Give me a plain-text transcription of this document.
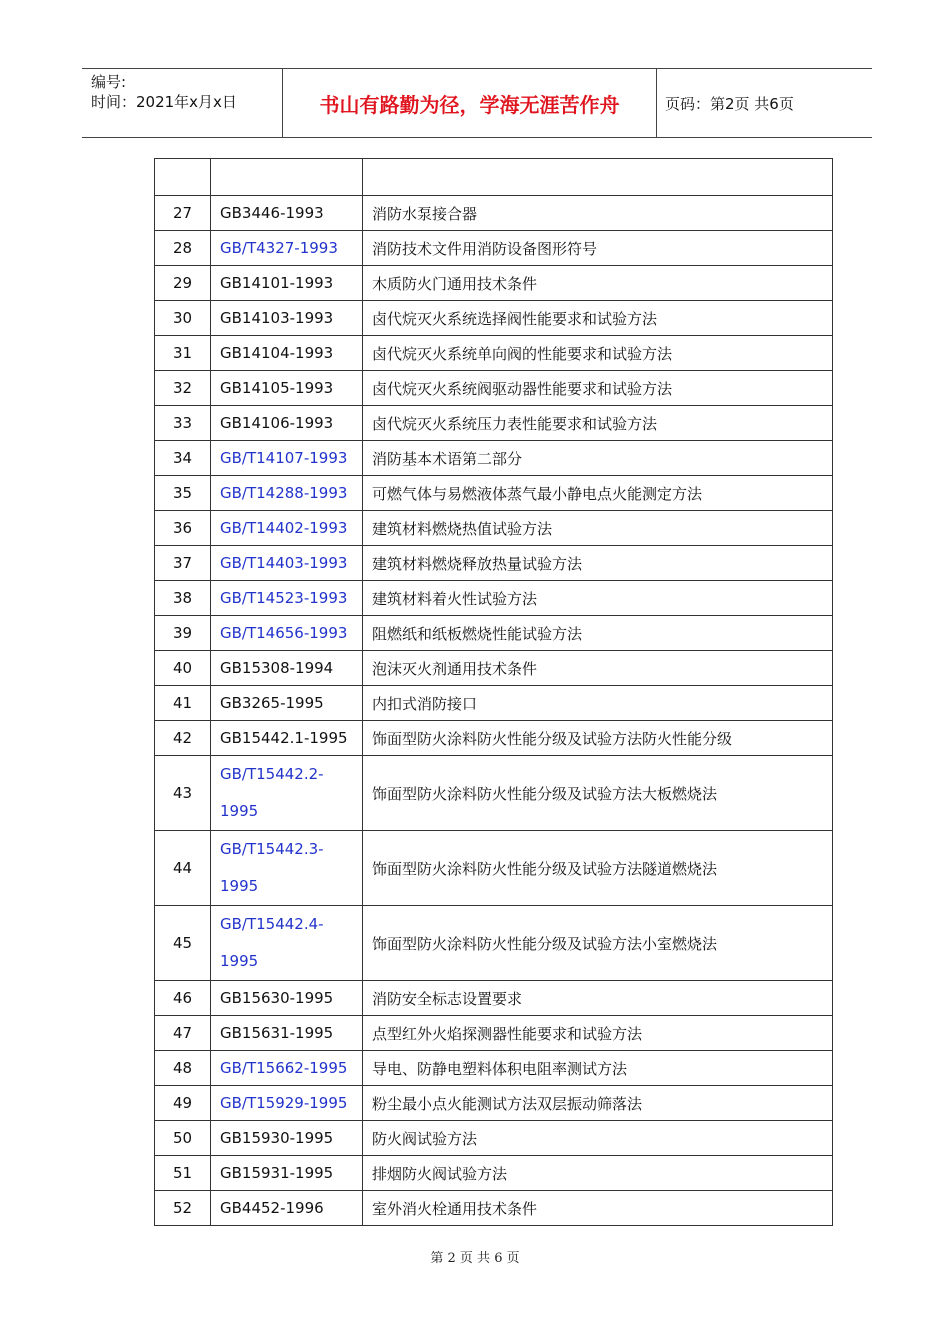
编号:
时间：2021年x月x日	书山有路勤为径，学海无涯苦作舟	页码：第2页 共6页

27	GB3446-1993	消防水泵接合器
28	GB/T4327-1993	消防技术文件用消防设备图形符号
29	GB14101-1993	木质防火门通用技术条件
30	GB14103-1993	卤代烷灭火系统选择阀性能要求和试验方法
31	GB14104-1993	卤代烷灭火系统单向阀的性能要求和试验方法
32	GB14105-1993	卤代烷灭火系统阀驱动器性能要求和试验方法
33	GB14106-1993	卤代烷灭火系统压力表性能要求和试验方法
34	GB/T14107-1993	消防基本术语第二部分
35	GB/T14288-1993	可燃气体与易燃液体蒸气最小静电点火能测定方法
36	GB/T14402-1993	建筑材料燃烧热值试验方法
37	GB/T14403-1993	建筑材料燃烧释放热量试验方法
38	GB/T14523-1993	建筑材料着火性试验方法
39	GB/T14656-1993	阻燃纸和纸板燃烧性能试验方法
40	GB15308-1994	泡沫灭火剂通用技术条件
41	GB3265-1995	内扣式消防接口
42	GB15442.1-1995	饰面型防火涂料防火性能分级及试验方法防火性能分级
43	GB/T15442.2-1995	饰面型防火涂料防火性能分级及试验方法大板燃烧法
44	GB/T15442.3-1995	饰面型防火涂料防火性能分级及试验方法隧道燃烧法
45	GB/T15442.4-1995	饰面型防火涂料防火性能分级及试验方法小室燃烧法
46	GB15630-1995	消防安全标志设置要求
47	GB15631-1995	点型红外火焰探测器性能要求和试验方法
48	GB/T15662-1995	导电、防静电塑料体积电阻率测试方法
49	GB/T15929-1995	粉尘最小点火能测试方法双层振动筛落法
50	GB15930-1995	防火阀试验方法
51	GB15931-1995	排烟防火阀试验方法
52	GB4452-1996	室外消火栓通用技术条件
第 2 页 共 6 页
